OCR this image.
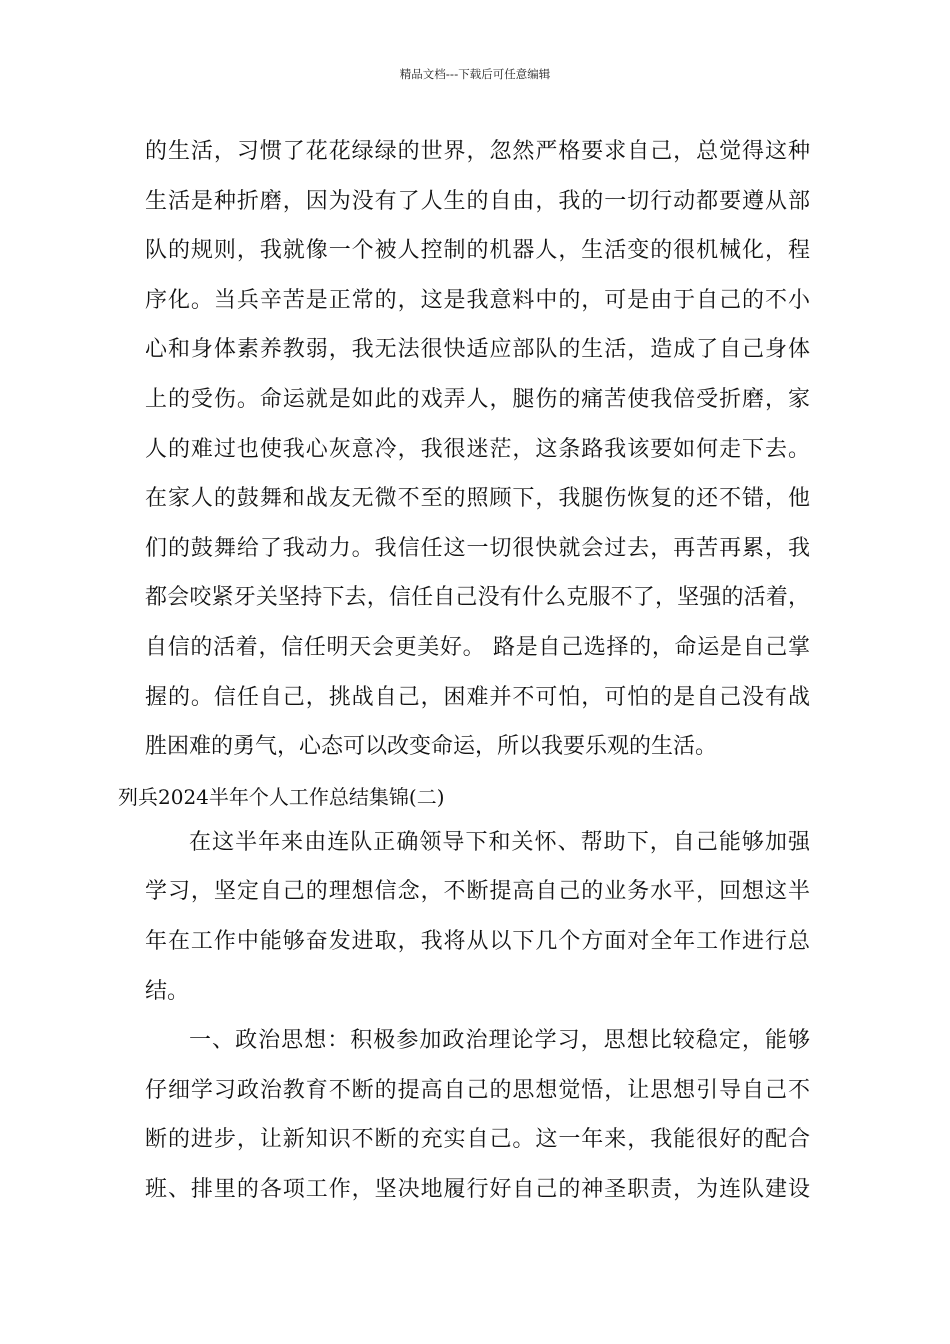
精品文档---下载后可任意编辑
的生活，习惯了花花绿绿的世界，忽然严格要求自己，总觉得这种
生活是种折磨，因为没有了人生的自由，我的一切行动都要遵从部
队的规则，我就像一个被人控制的机器人，生活变的很机械化，程
序化。当兵辛苦是正常的，这是我意料中的，可是由于自己的不小
心和身体素养教弱，我无法很快适应部队的生活，造成了自己身体
上的受伤。命运就是如此的戏弄人，腿伤的痛苦使我倍受折磨，家
人的难过也使我心灰意冷，我很迷茫，这条路我该要如何走下去。
在家人的鼓舞和战友无微不至的照顾下，我腿伤恢复的还不错，他
们的鼓舞给了我动力。我信任这一切很快就会过去，再苦再累，我
都会咬紧牙关坚持下去，信任自己没有什么克服不了，坚强的活着，
自信的活着，信任明天会更美好。 路是自己选择的，命运是自己掌
握的。信任自己，挑战自己，困难并不可怕，可怕的是自己没有战
胜困难的勇气，心态可以改变命运，所以我要乐观的生活。
列兵2024半年个人工作总结集锦(二)
在这半年来由连队正确领导下和关怀、帮助下，自己能够加强
学习，坚定自己的理想信念，不断提高自己的业务水平，回想这半
年在工作中能够奋发进取，我将从以下几个方面对全年工作进行总
结。
一、政治思想：积极参加政治理论学习，思想比较稳定，能够
仔细学习政治教育不断的提高自己的思想觉悟，让思想引导自己不
断的进步，让新知识不断的充实自己。这一年来，我能很好的配合
班、排里的各项工作，坚决地履行好自己的神圣职责，为连队建设
